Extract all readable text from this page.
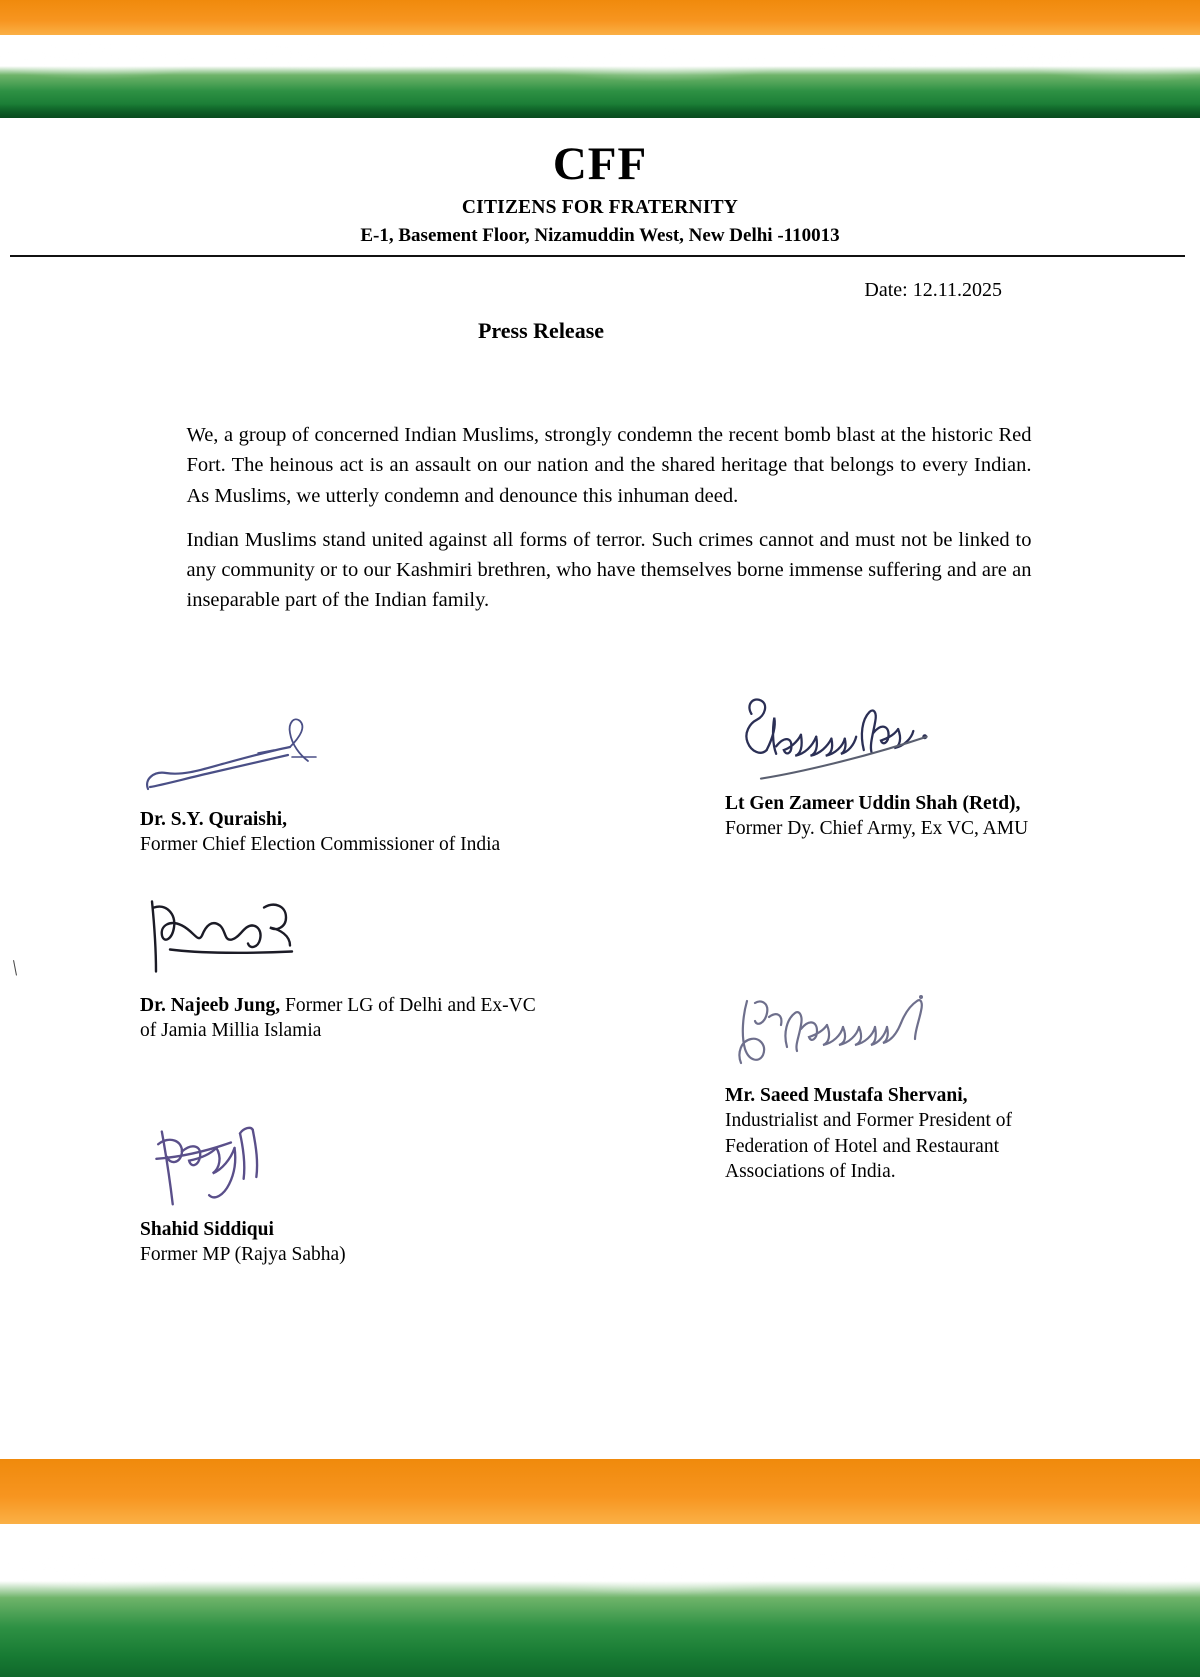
CFF
CITIZENS FOR FRATERNITY
E-1, Basement Floor, Nizamuddin West, New Delhi -110013
Date: 12.11.2025
Press Release

We, a group of concerned Indian Muslims, strongly condemn the recent bomb blast at the historic Red Fort. The heinous act is an assault on our nation and the shared heritage that belongs to every Indian. As Muslims, we utterly condemn and denounce this inhuman deed.

Indian Muslims stand united against all forms of terror. Such crimes cannot and must not be linked to any community or to our Kashmiri brethren, who have themselves borne immense suffering and are an inseparable part of the Indian family.

\
Dr. S.Y. Quraishi,
Former Chief Election Commissioner of India
Dr. Najeeb Jung, Former LG of Delhi and Ex-VC of Jamia Millia Islamia
Shahid Siddiqui
Former MP (Rajya Sabha)
Lt Gen Zameer Uddin Shah (Retd), Former Dy. Chief Army, Ex VC, AMU
Mr. Saeed Mustafa Shervani,
Industrialist and Former President of Federation of Hotel and Restaurant Associations of India.
